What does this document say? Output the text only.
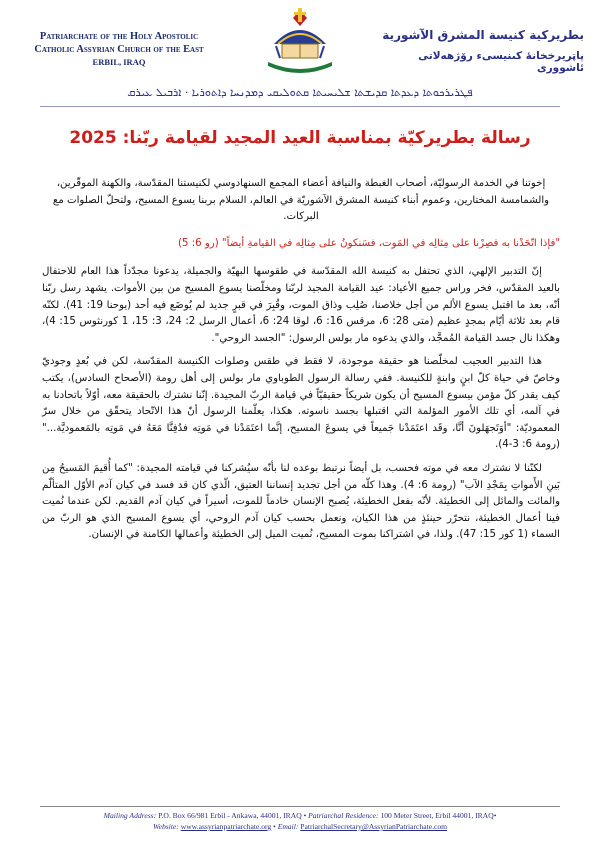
Patriarchate of the Holy Apostolic
Catholic Assyrian Church of the East
ERBIL, IRAQ
بطريركية كنيسة المشرق الآشورية
پاټريرخخانۀ كىنيسىء رۆژھەلاتى ئاشووری
ܦܛܪܝܪܟܘܬܐ ܕܥܕܬܐ ܩܕܝܫܬܐ ܫܠܝܚܝܬܐ ܩܬܘܠܝܩܝ ܕܡܕܢܚܐ ܕܐܬܘܪܝܐ · ܐܪܒܝܠ ܥܝܪܩ
رسالة بطريركيّة بمناسبة العيد المجيد لقيامة ربّنا: 2025

إخوتنا في الخدمة الرسوليّة، أصحاب الغبطة والنيافة أعضاء المجمع السنهادوسي لكنيستنا المقدّسة، والكهنة الموقّرين، والشمامسة المختارين، وعموم أبناء كنيسة المشرق الآشوريّة في العالم، السلام بربنا يسوع المسيح، ولتحلّ الصلوات مع البركات.

"فإذا اتّحَدْنا به فصِرْنا على مِثالِه في المَوت، فسَنكونُ على مِثالِه في القيامةِ أيضاً" (رو 6: 5)

إنّ التدبير الإلهي، الذي تحتفل به كنيسة الله المقدّسة في طقوسها البهيّة والجميلة، يدعونا مجدّداً هذا العام للاحتفال بالعيد المقدّس، فخر وراس جميع الأعياد: عيد القيامة المجيد لربّنا ومخلّصنا يسوع المسيح من بين الأموات. يشهد رسل ربّنا أنّه، بعد ما اقتبل يسوع الألم من أجل خلاصنا، صُلِب وذاق الموت، وقُبِرَ في قبرٍ جديد لم يُوضَع فيه أحد (يوحنا 19: 41). لكنّه قام بعد ثلاثة أيّام بمجدٍ عظيم (متى 28: 6، مرقس 16: 6، لوقا 24: 6، أعمال الرسل 2: 24، 3: 15، 1 كورنثوس 15: 4)، وهكذا نال جسد القيامة المُمجَّد، والذي يدعوه مار بولس الرسول: "الجسد الروحي".

هذا التدبير العجيب لمخلّصنا هو حقيقة موجودة، لا فقط في طقس وصلوات الكنيسة المقدّسة، لكن في بُعدٍ وجوديّ وخاصّ في حياة كلّ ابنٍ وابنةٍ للكنيسة. ففي رسالة الرسول الطوباوي مار بولس إلى أهل رومة (الأصحاح السادس)، يكتب كيف يقدر كلّ مؤمن بيسوع المسيح أن يكون شريكاً حقيقيّاً في قيامة الربّ المجيدة. إنّنا نشترك بالحقيقة معه، أوّلاً باتحادنا به في آلمه، أي تلك الأمور المؤلمة التي اقتبلها بجسد ناسوته. هكذا، يعلّمنا الرسول أنّ هذا الاتّحاد يتحقّق من خلال سرّ المعموديّة: "أوَتَجهَلونَ أنَّا، وقَد اعتَمَدْنا جَميعاً في يسوعَ المسيح، إنَّما اعتَمَدْنا في مَوتِه فدُفِنَّا مَعَهُ في مَوتِه بالمَعموديَّة..." (رومة 6: 3-4).

لكنّنا لا نشترك معه في موته فحسب، بل أيضاً نرتبط بوعده لنا بأنّه سيُشركنا في قيامته المجيدة: "كما أُقيمَ المَسيحُ مِن بَينِ الأَمواتِ بِمَجْدِ الآب" (رومة 6: 4). وهذا كلّه من أجل تجديد إنساننا العتيق، الّذي كان قد فسد في كيان آدم الأوّل المتألّم والمائت والمائل إلى الخطيئة. لأنّه بفعل الخطيئة، يُصبح الإنسان خادماً للموت، أسيراً في كيان آدم القديم. لكن عندما نُميت فينا أعمال الخطيئة، نتحرّر حينئذٍ من هذا الكيان، ونعمل بحسب كيان آدم الروحي، أي يسوع المسيح الذي هو الربّ من السماء (1 كور 15: 47). ولذا، في اشتراكنا بموت المسيح، نُميت الميل إلى الخطيئة وأعمالها الكامنة في الإنسان.

Mailing Address: P.O. Box 66/981 Erbil - Ankawa, 44001, IRAQ • Patriarchal Residence: 100 Meter Street, Erbil 44001, IRAQ•
Website: www.assyrianpatriarchate.org • Email: PatriarchalSecretary@AssyrianPatriarchate.com
